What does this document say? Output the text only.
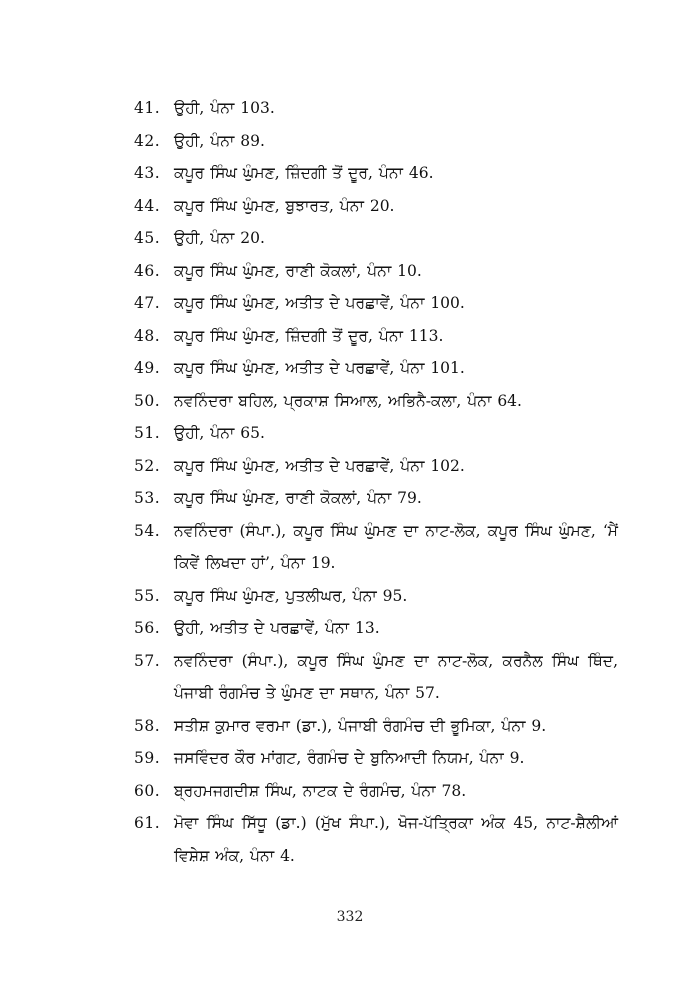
41. ਉਹੀ, ਪੰਨਾ 103.
42. ਉਹੀ, ਪੰਨਾ 89.
43. ਕਪੂਰ ਸਿੰਘ ਘੁੰਮਣ, ਜ਼ਿੰਦਗੀ ਤੋਂ ਦੂਰ, ਪੰਨਾ 46.
44. ਕਪੂਰ ਸਿੰਘ ਘੁੰਮਣ, ਬੁਝਾਰਤ, ਪੰਨਾ 20.
45. ਉਹੀ, ਪੰਨਾ 20.
46. ਕਪੂਰ ਸਿੰਘ ਘੁੰਮਣ, ਰਾਣੀ ਕੋਕਲਾਂ, ਪੰਨਾ 10.
47. ਕਪੂਰ ਸਿੰਘ ਘੁੰਮਣ, ਅਤੀਤ ਦੇ ਪਰਛਾਵੇਂ, ਪੰਨਾ 100.
48. ਕਪੂਰ ਸਿੰਘ ਘੁੰਮਣ, ਜ਼ਿੰਦਗੀ ਤੋਂ ਦੂਰ, ਪੰਨਾ 113.
49. ਕਪੂਰ ਸਿੰਘ ਘੁੰਮਣ, ਅਤੀਤ ਦੇ ਪਰਛਾਵੇਂ, ਪੰਨਾ 101.
50. ਨਵਨਿੰਦਰਾ ਬਹਿਲ, ਪ੍ਰਕਾਸ਼ ਸਿਆਲ, ਅਭਿਨੈ-ਕਲਾ, ਪੰਨਾ 64.
51. ਉਹੀ, ਪੰਨਾ 65.
52. ਕਪੂਰ ਸਿੰਘ ਘੁੰਮਣ, ਅਤੀਤ ਦੇ ਪਰਛਾਵੇਂ, ਪੰਨਾ 102.
53. ਕਪੂਰ ਸਿੰਘ ਘੁੰਮਣ, ਰਾਣੀ ਕੋਕਲਾਂ, ਪੰਨਾ 79.
54. ਨਵਨਿੰਦਰਾ (ਸੰਪਾ.), ਕਪੂਰ ਸਿੰਘ ਘੁੰਮਣ ਦਾ ਨਾਟ-ਲੋਕ, ਕਪੂਰ ਸਿੰਘ ਘੁੰਮਣ, ‘ਮੈਂ ਕਿਵੇਂ ਲਿਖਦਾ ਹਾਂ’, ਪੰਨਾ 19.
55. ਕਪੂਰ ਸਿੰਘ ਘੁੰਮਣ, ਪੁਤਲੀਘਰ, ਪੰਨਾ 95.
56. ਉਹੀ, ਅਤੀਤ ਦੇ ਪਰਛਾਵੇਂ, ਪੰਨਾ 13.
57. ਨਵਨਿੰਦਰਾ (ਸੰਪਾ.), ਕਪੂਰ ਸਿੰਘ ਘੁੰਮਣ ਦਾ ਨਾਟ-ਲੋਕ, ਕਰਨੈਲ ਸਿੰਘ ਥਿੰਦ, ਪੰਜਾਬੀ ਰੰਗਮੰਚ ਤੇ ਘੁੰਮਣ ਦਾ ਸਥਾਨ, ਪੰਨਾ 57.
58. ਸਤੀਸ਼ ਕੁਮਾਰ ਵਰਮਾ (ਡਾ.), ਪੰਜਾਬੀ ਰੰਗਮੰਚ ਦੀ ਭੂਮਿਕਾ, ਪੰਨਾ 9.
59. ਜਸਵਿੰਦਰ ਕੌਰ ਮਾਂਗਟ, ਰੰਗਮੰਚ ਦੇ ਬੁਨਿਆਦੀ ਨਿਯਮ, ਪੰਨਾ 9.
60. ਬ੍ਰਹਮਜਗਦੀਸ਼ ਸਿੰਘ, ਨਾਟਕ ਦੇ ਰੰਗਮੰਚ, ਪੰਨਾ 78.
61. ਮੋਵਾ ਸਿੰਘ ਸਿੱਧੂ (ਡਾ.) (ਮੁੱਖ ਸੰਪਾ.), ਖੋਜ-ਪੱਤ੍ਰਿਕਾ ਅੰਕ 45, ਨਾਟ-ਸ਼ੈਲੀਆਂ ਵਿਸ਼ੇਸ਼ ਅੰਕ, ਪੰਨਾ 4.
332
